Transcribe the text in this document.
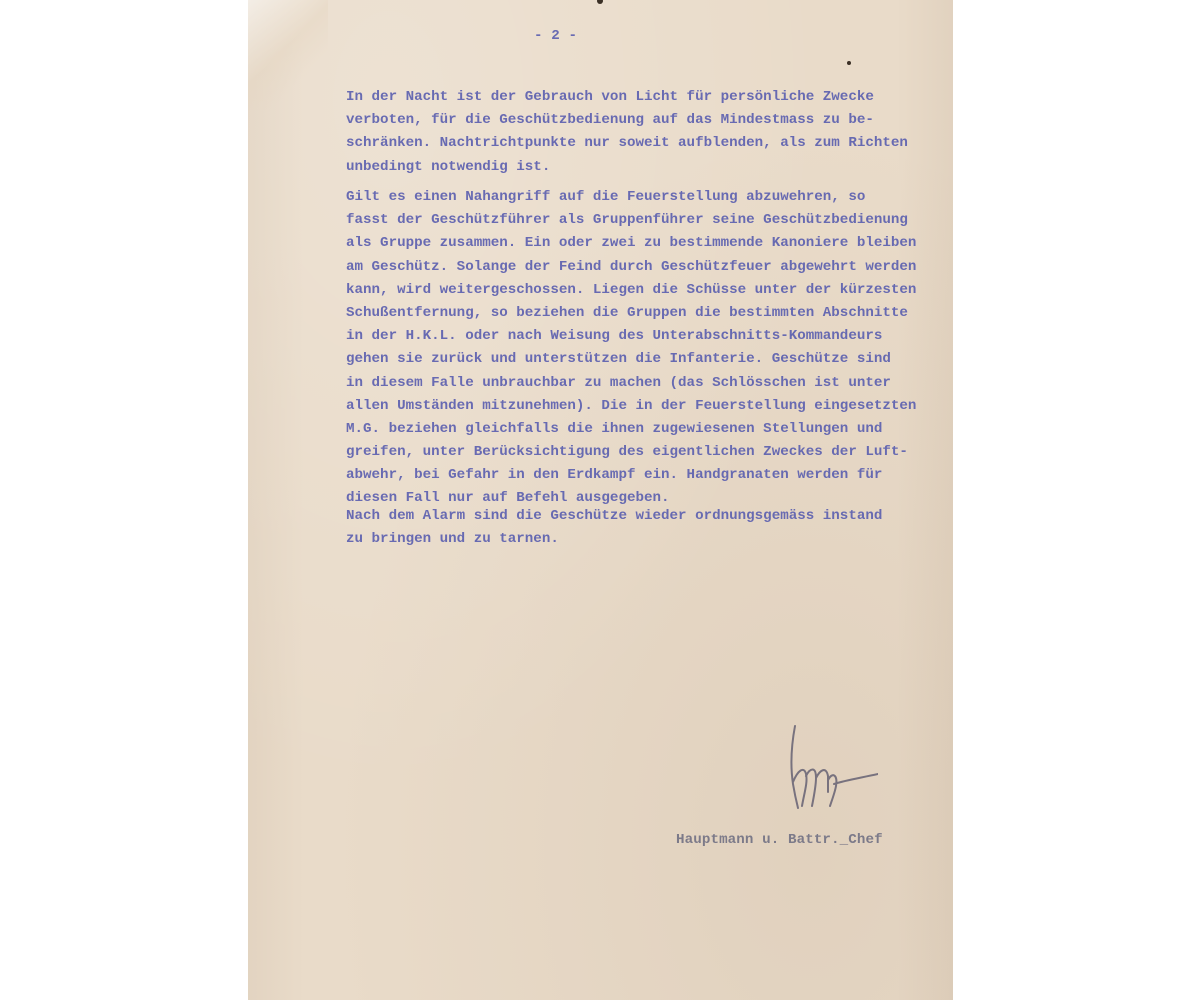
- 2 -
In der Nacht ist der Gebrauch von Licht für persönliche Zwecke
verboten, für die Geschützbedienung auf das Mindestmass zu be-
schränken. Nachtrichtpunkte nur soweit aufblenden, als zum Richten
unbedingt notwendig ist.
Gilt es einen Nahangriff auf die Feuerstellung abzuwehren, so
fasst der Geschützführer als Gruppenführer seine Geschützbedienung
als Gruppe zusammen. Ein oder zwei zu bestimmende Kanoniere bleiben
am Geschütz. Solange der Feind durch Geschützfeuer abgewehrt werden
kann, wird weitergeschossen. Liegen die Schüsse unter der kürzesten
Schußentfernung, so beziehen die Gruppen die bestimmten Abschnitte
in der H.K.L. oder nach Weisung des Unterabschnitts-Kommandeurs
gehen sie zurück und unterstützen die Infanterie. Geschütze sind
in diesem Falle unbrauchbar zu machen (das Schlösschen ist unter
allen Umständen mitzunehmen). Die in der Feuerstellung eingesetzten
M.G. beziehen gleichfalls die ihnen zugewiesenen Stellungen und
greifen, unter Berücksichtigung des eigentlichen Zweckes der Luft-
abwehr, bei Gefahr in den Erdkampf ein. Handgranaten werden für
diesen Fall nur auf Befehl ausgegeben.
Nach dem Alarm sind die Geschütze wieder ordnungsgemäss instand
zu bringen und zu tarnen.
Hauptmann u. Battr._Chef
